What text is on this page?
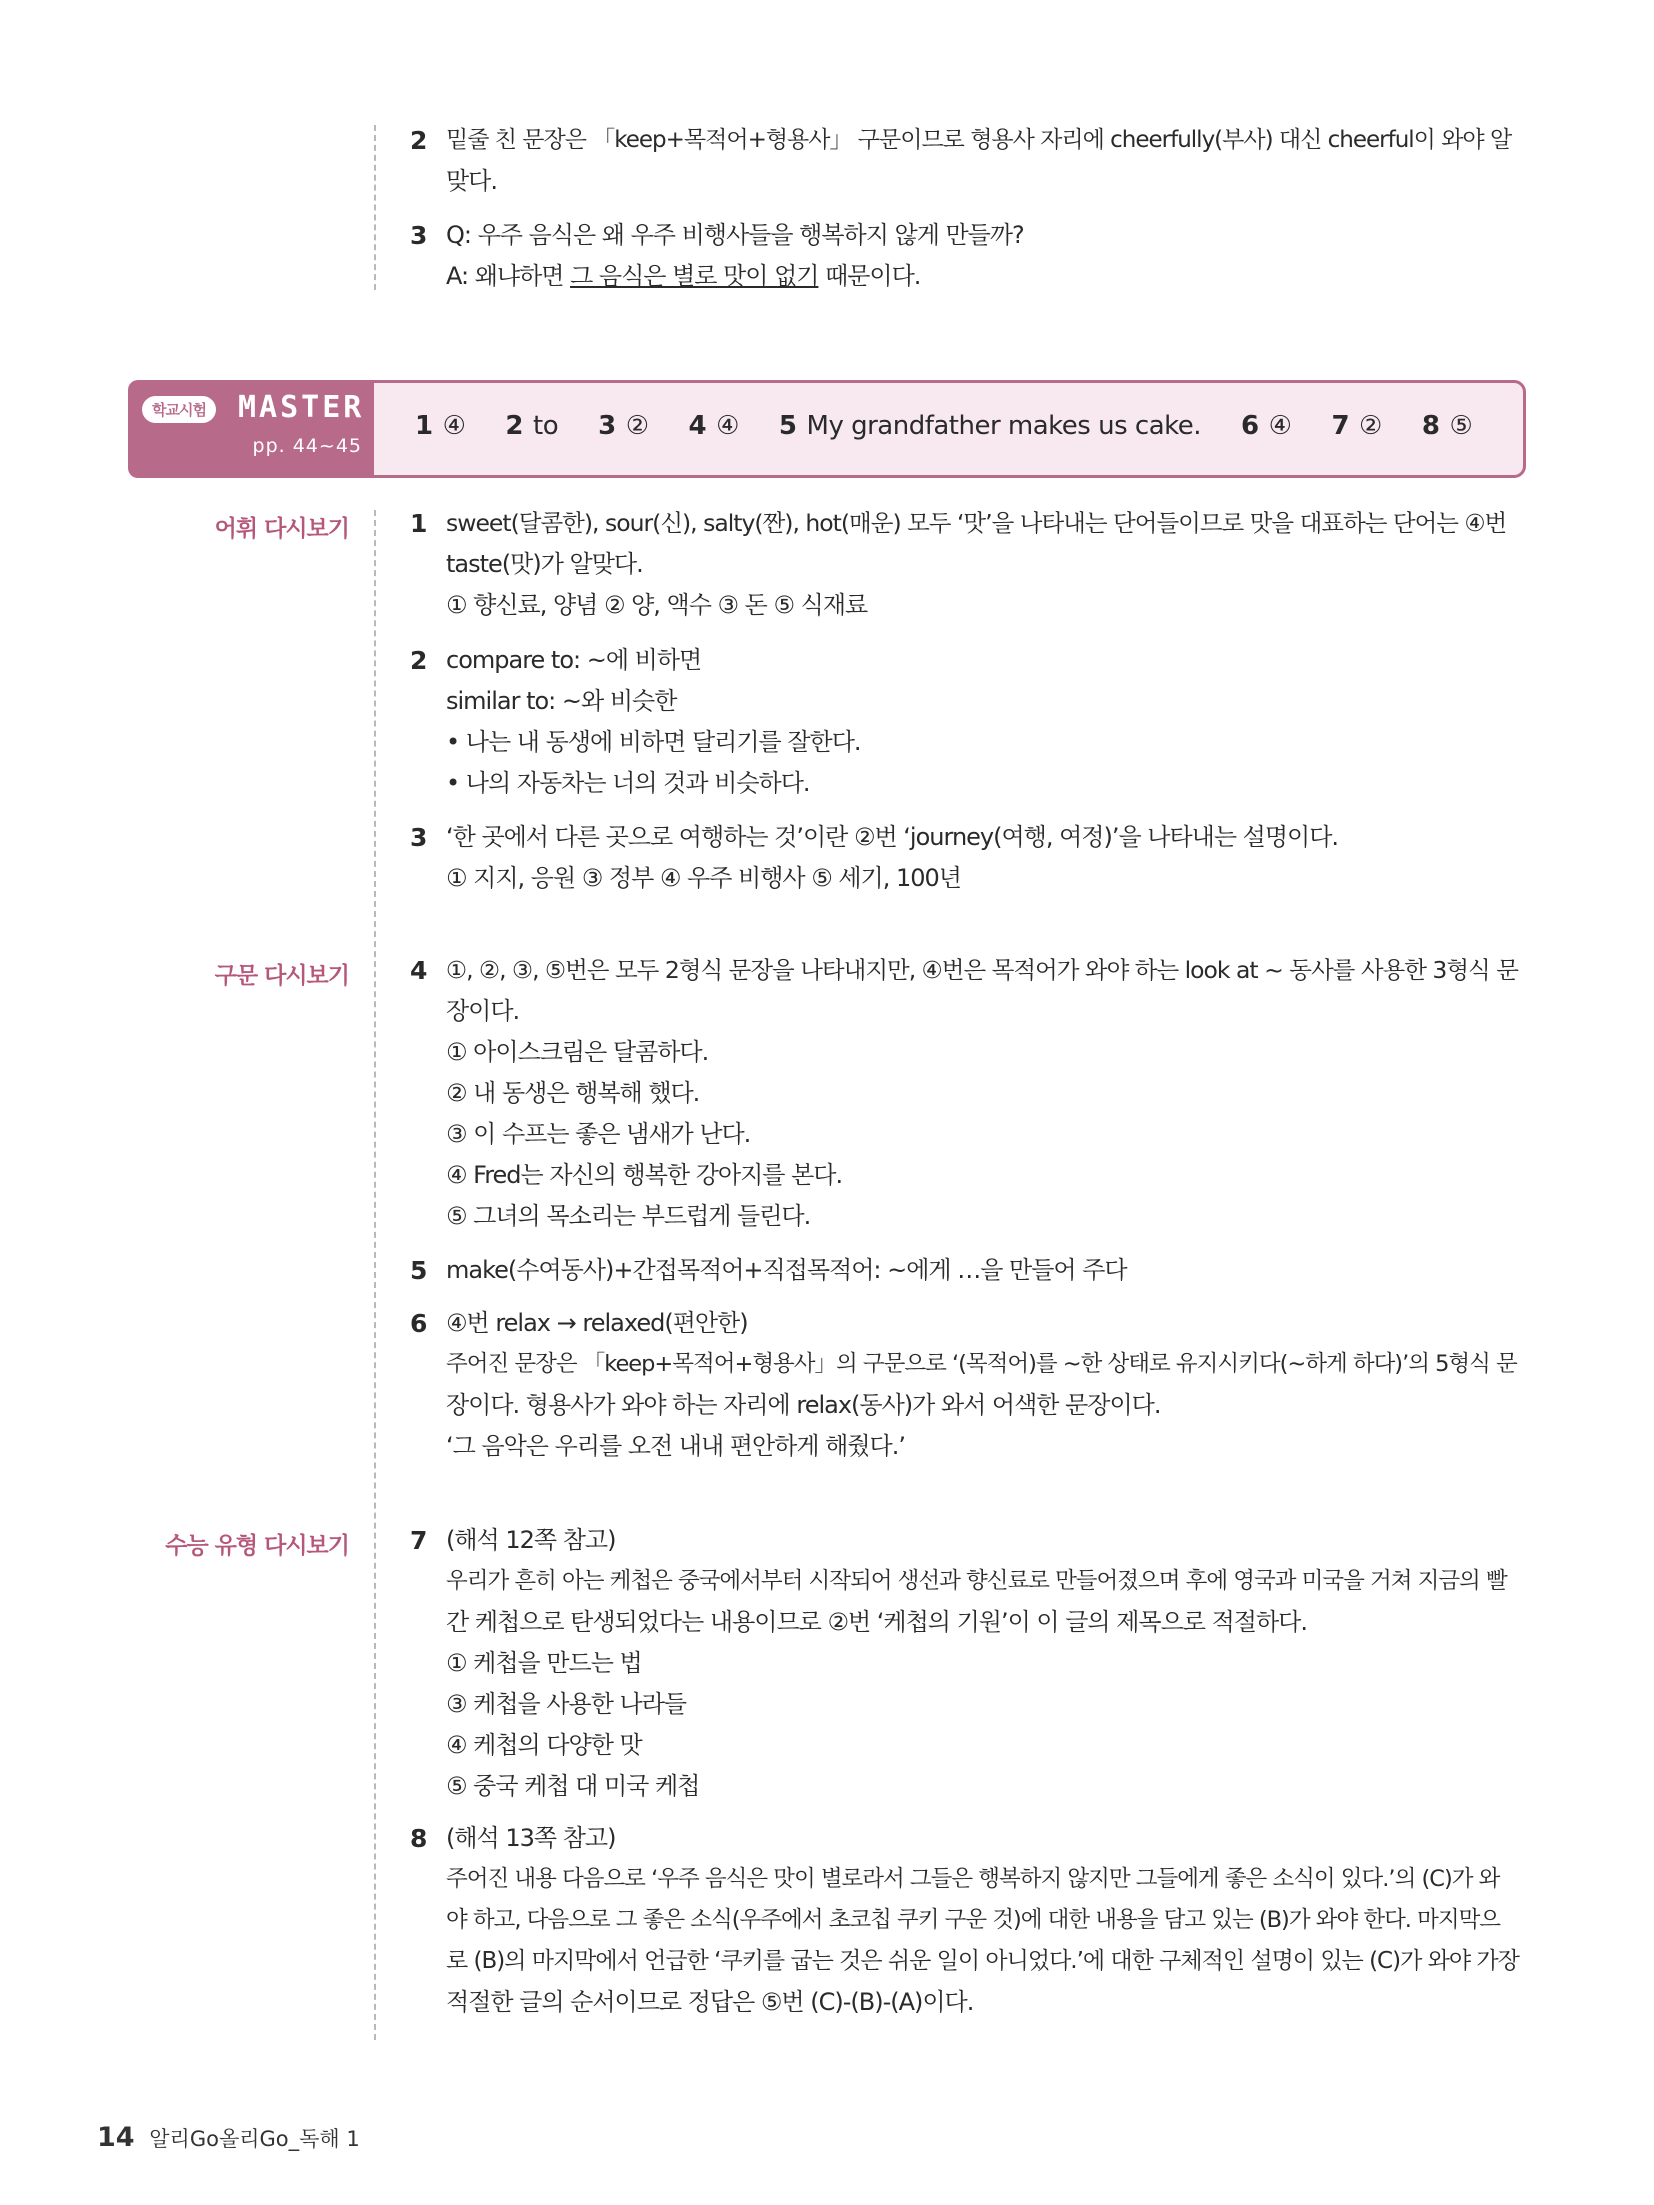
2 밑줄 친 문장은 「keep+목적어+형용사」 구문이므로 형용사 자리에 cheerfully(부사) 대신 cheerful이 와야 알
맞다.
3 Q: 우주 음식은 왜 우주 비행사들을 행복하지 않게 만들까?
A: 왜냐하면 그 음식은 별로 맛이 없기 때문이다.
1 ④ 2 to 3 ② 4 ④ 5 My grandfather makes us cake. 6 ④ 7 ② 8 ⑤
학교시험	MASTER
pp. 44~45
어휘 다시보기
구문 다시보기
수능 유형 다시보기
1 sweet(달콤한), sour(신), salty(짠), hot(매운) 모두 ‘맛’을 나타내는 단어들이므로 맛을 대표하는 단어는 ④번
taste(맛)가 알맞다.
① 향신료, 양념 ② 양, 액수 ③ 돈 ⑤ 식재료
2 compare to: ~에 비하면
similar to: ~와 비슷한
• 나는 내 동생에 비하면 달리기를 잘한다.
• 나의 자동차는 너의 것과 비슷하다.
3 ‘한 곳에서 다른 곳으로 여행하는 것’이란 ②번 ‘journey(여행, 여정)’을 나타내는 설명이다.
① 지지, 응원 ③ 정부 ④ 우주 비행사 ⑤ 세기, 100년
4 ①, ②, ③, ⑤번은 모두 2형식 문장을 나타내지만, ④번은 목적어가 와야 하는 look at ~ 동사를 사용한 3형식 문
장이다.
① 아이스크림은 달콤하다.
② 내 동생은 행복해 했다.
③ 이 수프는 좋은 냄새가 난다.
④ Fred는 자신의 행복한 강아지를 본다.
⑤ 그녀의 목소리는 부드럽게 들린다.
5 make(수여동사)+간접목적어+직접목적어: ~에게 …을 만들어 주다
6 ④번 relax → relaxed(편안한)
주어진 문장은 「keep+목적어+형용사」의 구문으로 ‘(목적어)를 ~한 상태로 유지시키다(~하게 하다)’의 5형식 문
장이다. 형용사가 와야 하는 자리에 relax(동사)가 와서 어색한 문장이다.
‘그 음악은 우리를 오전 내내 편안하게 해줬다.’
7 (해석 12쪽 참고)
우리가 흔히 아는 케첩은 중국에서부터 시작되어 생선과 향신료로 만들어졌으며 후에 영국과 미국을 거쳐 지금의 빨
간 케첩으로 탄생되었다는 내용이므로 ②번 ‘케첩의 기원’이 이 글의 제목으로 적절하다.
① 케첩을 만드는 법
③ 케첩을 사용한 나라들
④ 케첩의 다양한 맛
⑤ 중국 케첩 대 미국 케첩
8 (해석 13쪽 참고)
주어진 내용 다음으로 ‘우주 음식은 맛이 별로라서 그들은 행복하지 않지만 그들에게 좋은 소식이 있다.’의 (C)가 와
야 하고, 다음으로 그 좋은 소식(우주에서 초코칩 쿠키 구운 것)에 대한 내용을 담고 있는 (B)가 와야 한다. 마지막으
로 (B)의 마지막에서 언급한 ‘쿠키를 굽는 것은 쉬운 일이 아니었다.’에 대한 구체적인 설명이 있는 (C)가 와야 가장
적절한 글의 순서이므로 정답은 ⑤번 (C)-(B)-(A)이다.
14 알리Go올리Go_독해 1
